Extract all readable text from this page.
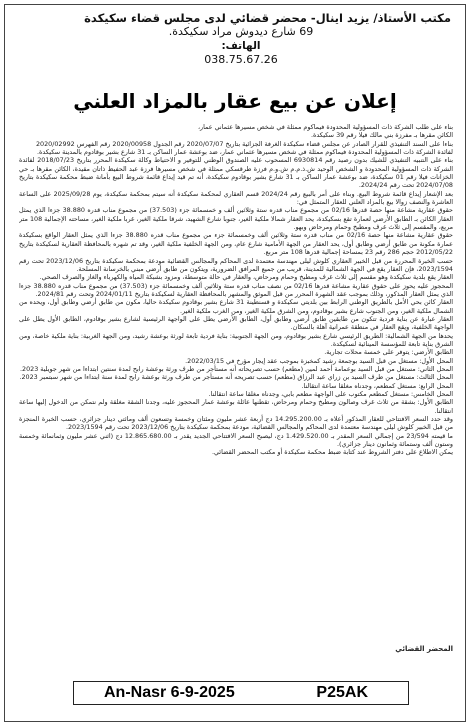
مكتب الأستاذ/ يزيد اينال- محضر قضائي لدى مجلس قضاء سكيكدة
69 شارع ديدوش مراد سكيكدة.
الهاتف:
038.75.67.26
إعلان عن بيع عقار بالمزاد العلني

بناء على طلب الشركة ذات المسؤولية المحدودة فيماكوم ممثلة في شخص مسيرها عثماني عمار،

الكائن مقرها بـ مفرزة بني مالك فيلا رقم 39 سكيكدة.

بناءا على السند التنفيذي للقرار الصادر عن مجلس قضاء سكيكدة الغرفة الجزائية بتاريخ 2020/07/07 رقم الجدول 2020/00958 رقم الفهرس 2020/02992

لفائدة الشركة ذات المسؤولية المحدودة فيماكوم ممثلة في شخص مسيرها عثماني عمار، ضد بوعشة عمار الساكن بـ 31 شارع بشير بوقادوم بالمدينة سكيكدة.

بناء على التنبيه التنفيذي للشيك بدون رصيد رقم 6930814 المسحوب عليه الصندوق الوطني للتوفير و الاحتياط وكالة سكيكدة المحرر بتاريخ 2018/07/23 لفائدة الشركة ذات المسؤولية المحدودة و الشخص الوحيد ش.ذ.م.م ش.و.م فرزة طرقسكي ممثلة في شخص مسيرها فرزة عبد الحفيظ ذاتان مقيدة، الكائن مقرها بـ حي الخزانات فيلا رقم 01 سكيكدة، ضد بوعشة عمار الساكن بـ 31 شارع بشير بوقادوم سكيكدة، أنه تم قيد إيداع قائمة شروط البيع بأمانة ضبط محكمة سكيكدة بتاريخ 2024/07/08 تحت رقم 2024/24.

بعد الإشعار إيداع قائمة شروط البيع. وبناء على أمر بالبيع رقم 2024/24 قسم العقاري لمحكمة سكيكدة أنه سيتم بمحكمة سكيكدة، يوم 2025/09/28 على الساعة العاشرة والنصف زوالا بيع بالمزاد العلني للعقار المتمثل في:

حقوق عقارية مشاعة منها حصة قدرها 02/16 من مجموع مناب قدره ستة وثلاثين ألف و خمسمائة جزء (37.503) من مجموع مناب قدره 38.880 جزءا الذي يمثل العقار الكائن بـ الطابق الأرضي لعمارة تقع بسكيكدة، يحد العقار شمالا ملكية الغير، جنوبا شارع الشهيد، شرقا ملكية الغير، غربا ملكية الغير، مساحته الإجمالية 108 متر مربع، والمقسم إلى ثلاث غرف ومطبخ وحمام ومرحاض وبهو.

حقوق عقارية مشاعة منها حصة 02/16 من مناب قدره ستة وثلاثين ألف وخمسمائة جزء من مجموع مناب قدره 38.880 جزءا الذي يمثل العقار الواقع بسكيكدة عمارة مكونة من طابق أرضي وطابق أول، يحد العقار من الجهة الأمامية شارع عام، ومن الجهة الخلفية ملكية الغير، وقد تم شهره بالمحافظة العقارية لسكيكدة بتاريخ 2012/05/22 حجم 286 رقم 23 بمساحة إجمالية قدرها 108 متر مربع.

حسب الخبرة المحررة من قبل الخبير العقاري كلوش ليلى مهندسة معتمدة لدى المحاكم والمجالس القضائية مودعة بمحكمة سكيكدة بتاريخ 2023/12/06 تحت رقم 2023/1594، فإن العقار يقع في الجهة الشمالية للمدينة، قريب من جميع المرافق الضرورية، ويتكون من طابق أرضي مبني بالخرسانة المسلحة.

العقار يقع بلدية سكيكدة وهو مقسم إلى ثلاث غرف ومطبخ وحمام ومرحاض، والعقار في حالة متوسطة، ومزود بشبكة المياه والكهرباء والغاز والصرف الصحي.

المحجوز عليه يحوز على حقوق عقارية مشاعة قدرها 02/16 من نصف مناب قدره ستة وثلاثين ألف وخمسمائة جزء (37.503) من مجموع مناب قدره 38.880 جزءا الذي يمثل العقار المذكور، وذلك بموجب عقد الشهرة المحرر من قبل الموثق والمشهر بالمحافظة العقارية لسكيكدة بتاريخ 2024/01/11 وتحت رقم 2024/81.

العقار كائن بحي الأمل بالطريق الوطني الرابط بين بلديتي سكيكدة و قسنطينة 31 شارع بشير بوقادوم سكيكدة حاليا، مكون من طابق أرضي وطابق أول، ويحده من الشمال ملكية الغير، ومن الجنوب شارع بشير بوقادوم، ومن الشرق ملكية الغير، ومن الغرب ملكية الغير.

العقار عبارة عن بناية فردية تتكون من طابقين طابق أرضي وطابق أول، الطابق الأرضي يطل على الواجهة الرئيسية لشارع بشير بوقادوم، الطابق الأول يطل على الواجهة الخلفية، ويقع العقار في منطقة عمرانية آهلة بالسكان.

يحدها من الجهة الشمالية: الطريق الرئيسي شارع بشير بوقادوم، ومن الجهة الجنوبية: بناية فردية تابعة لورثة بوعشة رشيد، ومن الجهة الغربية: بناية ملكية خاصة، ومن الشرق بناية تابعة للمؤسسة المينائية لسكيكدة.

الطابق الأرضي: يتوفر على خمسة محلات تجارية.

المحل الأول: مستغل من قبل السيد بوجمعة رشيد كمخبزة بموجب عقد إيجار مؤرخ في 2022/03/15.

المحل الثاني: مستغل من قبل السيد بوعمامة أحمد لمين (مطعم) حسب تصريحاته أنه مستأجر من طرف ورثة بوعشة رابح لمدة سنتين ابتداءا من شهر جويلية 2023.

المحل الثالث: مستغل من طرف السيد بن زراي عبد الرزاق (مطعم) حسب تصريحه أنه مستأجر من طرف ورثة بوعشة رابح لمدة سنة ابتداءا من شهر سبتمبر 2023.

المحل الرابع: مستغل كمطعم، وجدناه مغلقا ساعة انتقالنا.

المحل الخامس: مستغل كمطعم مكتوب على الواجهة مطعم بابي، وجدناه مغلقا ساعة انتقالنا.

الطابق الأول: بشقة من ثلاث غرف وصالون ومطبخ وحمام ومرحاض، تقطنها عائلة بوعشة عمار المحجوز عليه، وجدنا الشقة مغلقة ولم نتمكن من الدخول إليها ساعة انتقالنا.

وقد حدد السعر الافتتاحي للعقار المذكور أعلاه بـ 14.295.200.00 دج أربعة عشر مليون ومئتان وخمسة وتسعون ألف ومائتي دينار جزائري، حسب الخبرة المنجزة من قبل الخبير كلوش ليلى مهندسة معتمدة لدى المحاكم والمجالس القضائية، مودعة بمحكمة سكيكدة بتاريخ 2023/12/06 تحت رقم 2023/1594.

ما قيمته 23/594 من إجمالي السعر المقدر بـ 1.429.520.00 دج، ليصبح السعر الافتتاحي الجديد يقدر بـ 12.865.680.00 دج (اثني عشر مليون وثمانمائة وخمسة وستون ألف وستمائة وثمانون دينار جزائري).

يمكن الاطلاع على دفتر الشروط عند كتابة ضبط محكمة سكيكدة أو مكتب المحضر القضائي.

المحضر القضائي
An-Nasr 6-9-2025	P25AK
